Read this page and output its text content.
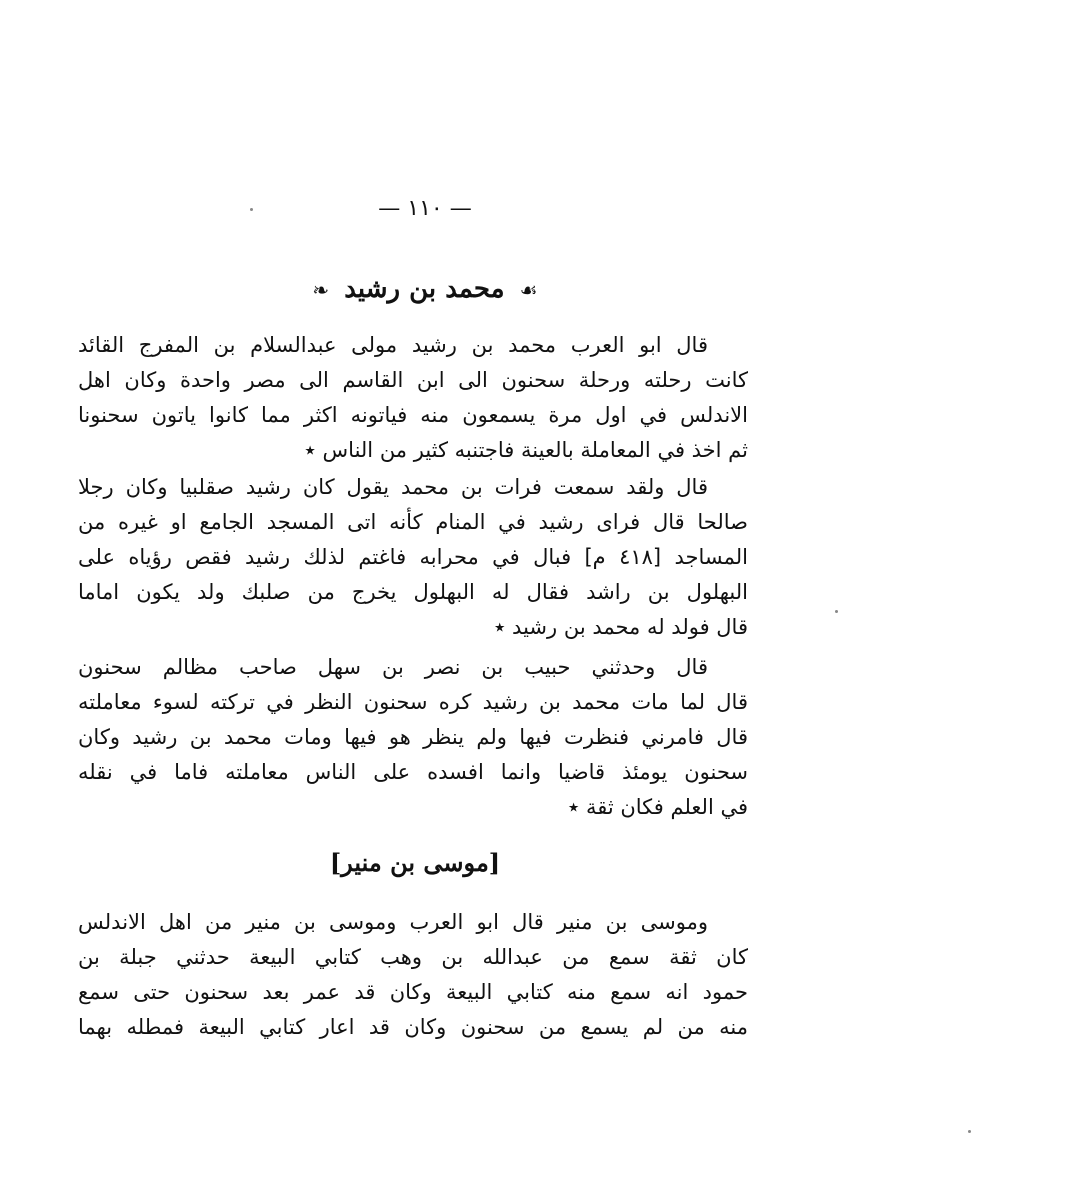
— ١١٠ —
☙ محمد بن رشيد ❧
قال ابو العرب محمد بن رشيد مولى عبدالسلام بن المفرج القائد
كانت رحلته ورحلة سحنون الى ابن القاسم الى مصر واحدة وكان اهل
الاندلس في اول مرة يسمعون منه فياتونه اكثر مما كانوا ياتون سحنونا
ثم اخذ في المعاملة بالعينة فاجتنبه كثير من الناس ٭
قال ولقد سمعت فرات بن محمد يقول كان رشيد صقلبيا وكان رجلا
صالحا قال فراى رشيد في المنام كأنه اتى المسجد الجامع او غيره من
المساجد [٤١٨ م] فبال في محرابه فاغتم لذلك رشيد فقص رؤياه على
البهلول بن راشد فقال له البهلول يخرج من صلبك ولد يكون اماما
قال فولد له محمد بن رشيد ٭
قال وحدثني حبيب بن نصر بن سهل صاحب مظالم سحنون
قال لما مات محمد بن رشيد كره سحنون النظر في تركته لسوء معاملته
قال فامرني فنظرت فيها ولم ينظر هو فيها ومات محمد بن رشيد وكان
سحنون يومئذ قاضيا وانما افسده على الناس معاملته فاما في نقله
في العلم فكان ثقة ٭
[موسى بن منير]
وموسى بن منير قال ابو العرب وموسى بن منير من اهل الاندلس
كان ثقة سمع من عبدالله بن وهب كتابي البيعة حدثني جبلة بن
حمود انه سمع منه كتابي البيعة وكان قد عمر بعد سحنون حتى سمع
منه من لم يسمع من سحنون وكان قد اعار كتابي البيعة فمطله بهما
